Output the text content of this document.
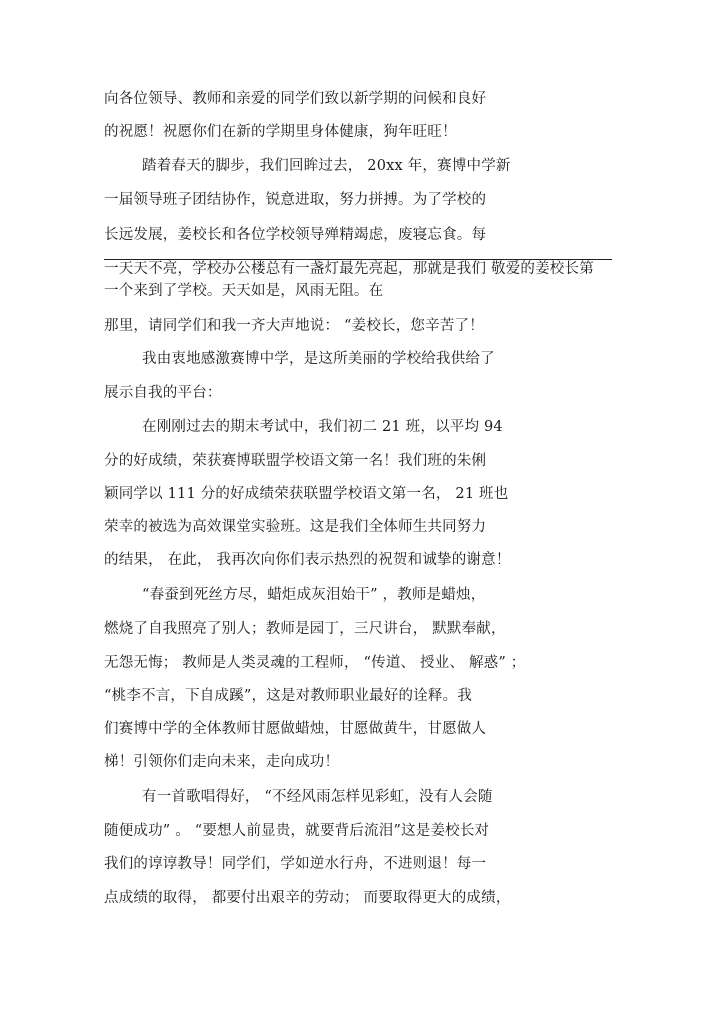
向各位领导、教师和亲爱的同学们致以新学期的问候和良好
的祝愿！祝愿你们在新的学期里身体健康，狗年旺旺！
踏着春天的脚步，我们回眸过去， 20xx 年，赛博中学新
一届领导班子团结协作，锐意进取，努力拼搏。为了学校的
长远发展，姜校长和各位学校领导殚精竭虑，废寝忘食。每
一天天不亮，学校办公楼总有一盏灯最先亮起，那就是我们 敬爱的姜校长第
一个来到了学校。天天如是，风雨无阻。在
那里，请同学们和我一齐大声地说： “姜校长，您辛苦了！
我由衷地感激赛博中学，是这所美丽的学校给我供给了
展示自我的平台：
在刚刚过去的期末考试中，我们初二 21 班，以平均 94
分的好成绩，荣获赛博联盟学校语文第一名！我们班的朱俐
颖同学以 111 分的好成绩荣获联盟学校语文第一名， 21 班也
荣幸的被选为高效课堂实验班。这是我们全体师生共同努力
的结果， 在此， 我再次向你们表示热烈的祝贺和诚挚的谢意！
“春蚕到死丝方尽，蜡炬成灰泪始干” ，教师是蜡烛，
燃烧了自我照亮了别人；教师是园丁，三尺讲台， 默默奉献，
无怨无悔； 教师是人类灵魂的工程师， “传道、 授业、 解惑” ；
“桃李不言，下自成蹊”，这是对教师职业最好的诠释。我
们赛博中学的全体教师甘愿做蜡烛，甘愿做黄牛，甘愿做人
梯！引领你们走向未来，走向成功！
有一首歌唱得好， “不经风雨怎样见彩虹，没有人会随
随便成功” 。 “要想人前显贵，就要背后流泪”这是姜校长对
我们的谆谆教导！同学们，学如逆水行舟，不进则退！每一
点成绩的取得， 都要付出艰辛的劳动； 而要取得更大的成绩，
